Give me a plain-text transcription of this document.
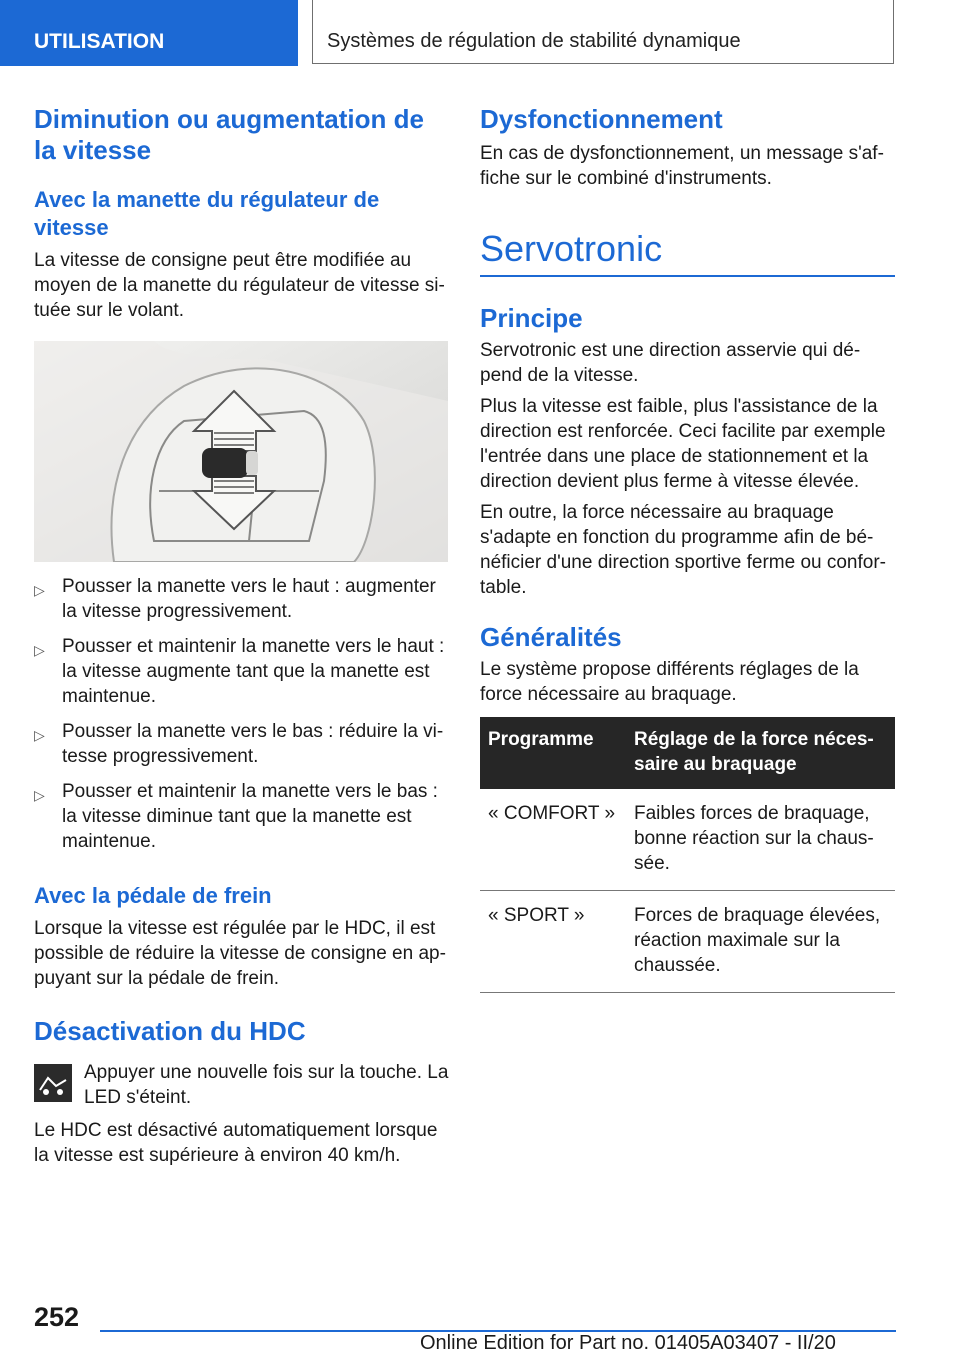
UTILISATION	Systèmes de régulation de stabilité dynamique
Diminution ou augmentation de la vitesse
Avec la manette du régulateur de vitesse

La vitesse de consigne peut être modifiée au moyen de la manette du régulateur de vitesse si-tuée sur le volant.

▷ Pousser la manette vers le haut : augmenter la vitesse progressivement.
▷ Pousser et maintenir la manette vers le haut : la vitesse augmente tant que la manette est maintenue.
▷ Pousser la manette vers le bas : réduire la vi-tesse progressivement.
▷ Pousser et maintenir la manette vers le bas : la vitesse diminue tant que la manette est maintenue.
Avec la pédale de frein

Lorsque la vitesse est régulée par le HDC, il est possible de réduire la vitesse de consigne en ap-puyant sur la pédale de frein.

Désactivation du HDC

Appuyer une nouvelle fois sur la touche. La LED s'éteint.

Le HDC est désactivé automatiquement lorsque la vitesse est supérieure à environ 40 km/h.

Dysfonctionnement

En cas de dysfonctionnement, un message s'af-fiche sur le combiné d'instruments.

Servotronic
Principe

Servotronic est une direction asservie qui dé-pend de la vitesse.

Plus la vitesse est faible, plus l'assistance de la direction est renforcée. Ceci facilite par exemple l'entrée dans une place de stationnement et la direction devient plus ferme à vitesse élevée.

En outre, la force nécessaire au braquage s'adapte en fonction du programme afin de bé-néficier d'une direction sportive ferme ou confor-table.

Généralités

Le système propose différents réglages de la force nécessaire au braquage.

Programme	Réglage de la force néces-saire au braquage
« COMFORT »	Faibles forces de braquage, bonne réaction sur la chaus-sée.
« SPORT »	Forces de braquage élevées, réaction maximale sur la chaussée.
252
Online Edition for Part no. 01405A03407 - II/20
